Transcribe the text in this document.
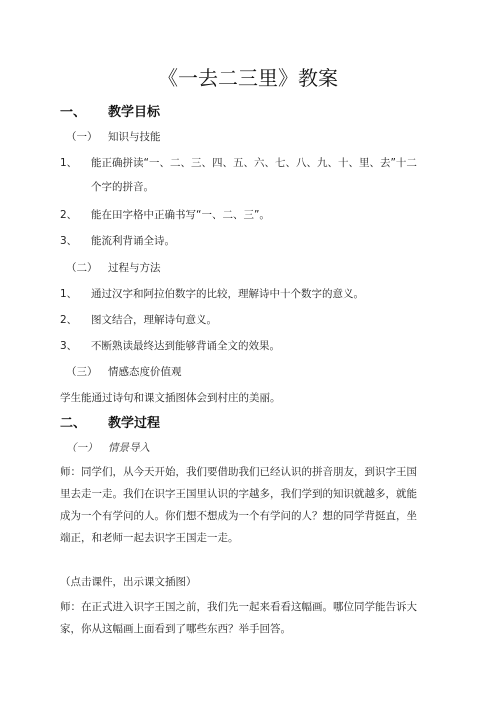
《一去二三里》教案
一、 教学目标
（一） 知识与技能
1、 能正确拼读“一、二、三、四、五、六、七、八、九、十、里、去”十二
个字的拼音。
2、 能在田字格中正确书写“一、二、三”。
3、 能流利背诵全诗。
（二） 过程与方法
1、 通过汉字和阿拉伯数字的比较，理解诗中十个数字的意义。
2、 图文结合，理解诗句意义。
3、 不断熟读最终达到能够背诵全文的效果。
（三） 情感态度价值观
学生能通过诗句和课文插图体会到村庄的美丽。
二、 教学过程
（一） 情景导入
师：同学们，从今天开始，我们要借助我们已经认识的拼音朋友，到识字王国
里去走一走。我们在识字王国里认识的字越多，我们学到的知识就越多，就能
成为一个有学问的人。你们想不想成为一个有学问的人？想的同学背挺直，坐
端正，和老师一起去识字王国走一走。
（点击课件，出示课文插图）
师：在正式进入识字王国之前，我们先一起来看看这幅画。哪位同学能告诉大
家，你从这幅画上面看到了哪些东西？举手回答。
